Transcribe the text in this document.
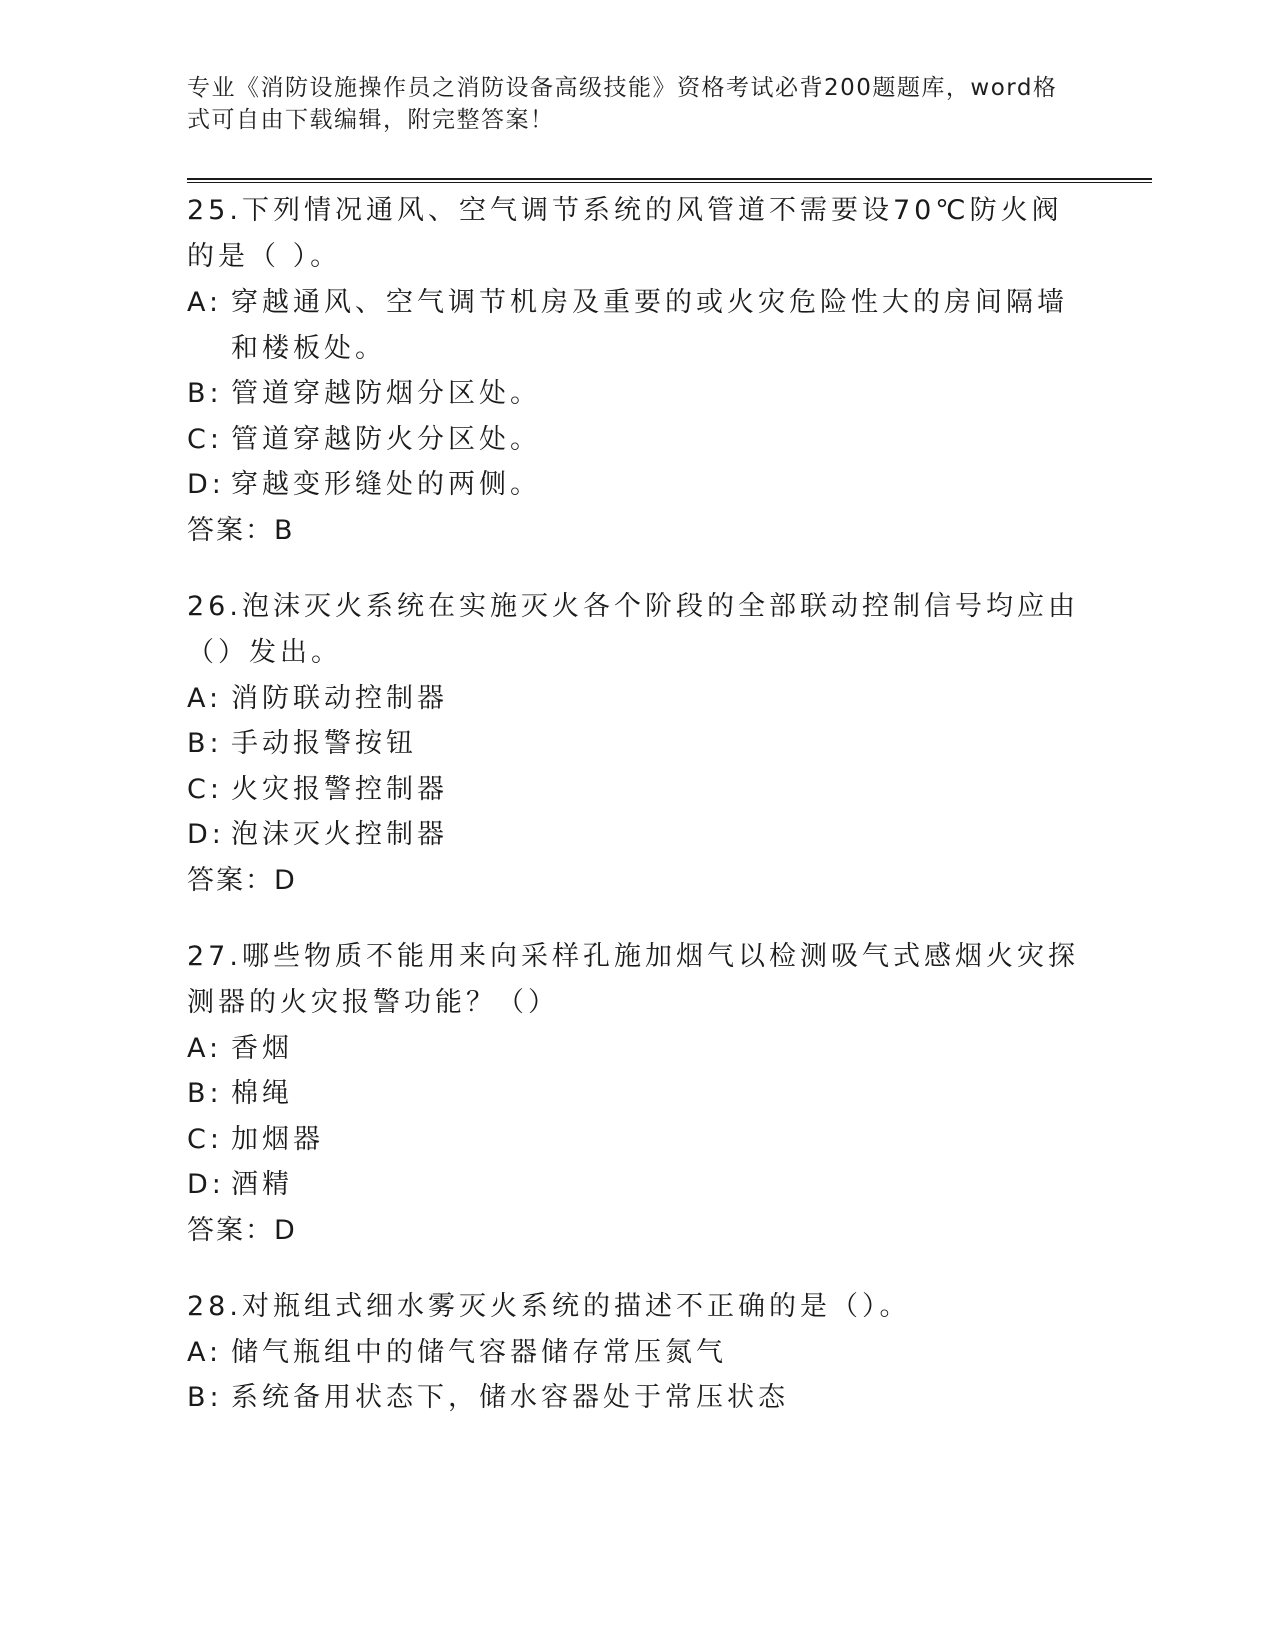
专业《消防设施操作员之消防设备高级技能》资格考试必背200题题库，word格式可自由下载编辑，附完整答案！

25.下列情况通风、空气调节系统的风管道不需要设70℃防火阀的是（ ）。

A: 穿越通风、空气调节机房及重要的或火灾危险性大的房间隔墙和楼板处。

B: 管道穿越防烟分区处。

C: 管道穿越防火分区处。

D: 穿越变形缝处的两侧。

答案：B

26.泡沫灭火系统在实施灭火各个阶段的全部联动控制信号均应由（）发出。

A: 消防联动控制器

B: 手动报警按钮

C: 火灾报警控制器

D: 泡沫灭火控制器

答案：D

27.哪些物质不能用来向采样孔施加烟气以检测吸气式感烟火灾探测器的火灾报警功能？（）

A: 香烟

B: 棉绳

C: 加烟器

D: 酒精

答案：D

28.对瓶组式细水雾灭火系统的描述不正确的是（）。

A: 储气瓶组中的储气容器储存常压氮气

B: 系统备用状态下，储水容器处于常压状态
